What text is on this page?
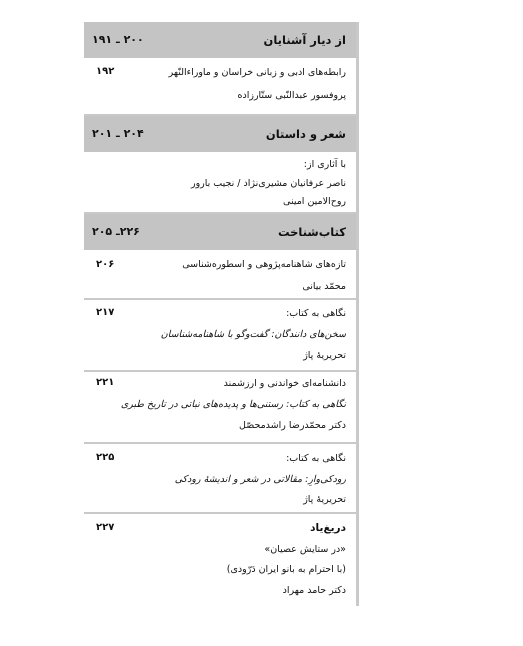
از دیار آشنایان
۲۰۰ ـ ۱۹۱
۱۹۲	رابطه‌های ادبی و زبانی خراسان و ماوراءالنّهر
پروفسور عبدالنّبی ستّارزاده
شعر و داستان
۲۰۴ ـ ۲۰۱
با آثاری از:
ناصر عرفانیان مشیری‌نژاد / نجیب بارور
روح‌الامین امینی
کتاب‌شناخت
۲۲۶ـ ۲۰۵
۲۰۶	تازه‌های شاهنامه‌پژوهی و اسطوره‌شناسی
محمّد بیانی
۲۱۷	نگاهی به کتاب:
سخن‌های دانندگان: گفت‌وگو با شاهنامه‌شناسان
تحریریهٔ پاژ
۲۲۱	دانشنامه‌ای خواندنی و ارزشمند
نگاهی به کتاب: رستنی‌ها و پدیده‌های نباتی در تاریخ طبری
دکتر محمّدرضا راشدمحصّل
۲۲۵	نگاهی به کتاب:
رودکی‌وارِ: مقالاتی در شعر و اندیشهٔ رودکی
تحریریهٔ پاژ
۲۲۷	دریغ‌یاد
«در ستایش عصیان»
(با احترام به بانو ایران دَرّودی)
دکتر حامد مهراد
